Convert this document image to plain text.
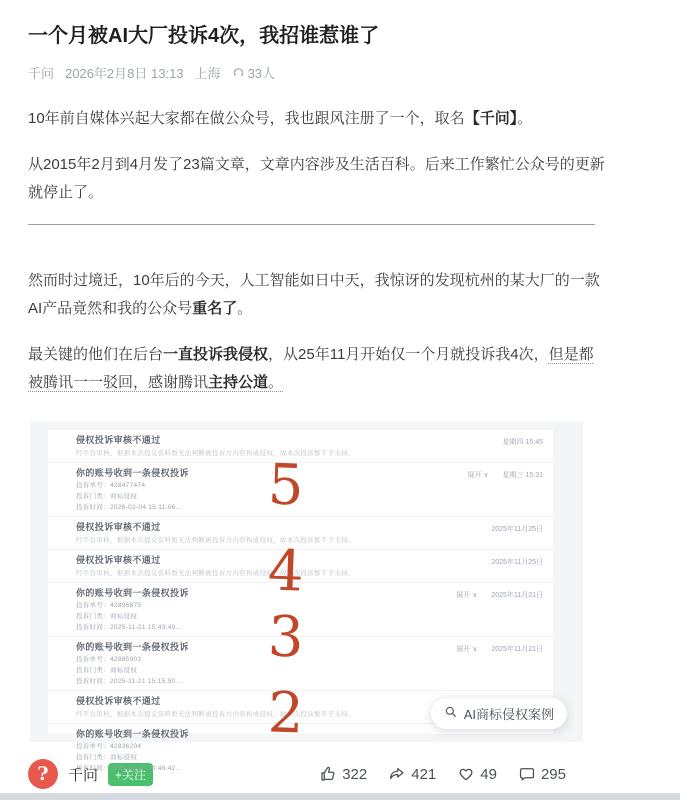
一个月被AI大厂投诉4次，我招谁惹谁了
千问 2026年2月8日 13:13 上海 33人

10年前自媒体兴起大家都在做公众号，我也跟风注册了一个，取名【千问】。

从2015年2月到4月发了23篇文章，文章内容涉及生活百科。后来工作繁忙公众号的更新就停止了。

然而时过境迁，10年后的今天，人工智能如日中天，我惊讶的发现杭州的某大厂的一款AI产品竟然和我的公众号重名了。

最关键的他们在后台一直投诉我侵权，从25年11月开始仅一个月就投诉我4次，但是都被腾讯一一驳回，感谢腾讯主持公道。

侵权投诉审核不通过
经平台审核，根据本次提交资料暂无法判断被投诉方内容构成侵权，故本次投诉暂不予支持。
星期四 15:45
你的账号收到一条侵权投诉
投诉单号：428477474
投诉门类：商标侵权
投诉时间：2026-02-04 15:11:06…
展开 ∨ 星期三 15:31
侵权投诉审核不通过
经平台审核，根据本次提交资料暂无法判断被投诉方内容构成侵权，故本次投诉暂不予支持。
2025年11月25日
侵权投诉审核不通过
经平台审核，根据本次提交资料暂无法判断被投诉方内容构成侵权，故本次投诉暂不予支持。
2025年11月25日
你的账号收到一条侵权投诉
投诉单号：42896875
投诉门类：商标侵权
投诉时间：2025-11-21 15:43:49…
展开 ∨ 2025年11月21日
你的账号收到一条侵权投诉
投诉单号：42885903
投诉门类：商标侵权
投诉时间：2025-11-21 15:15:50…
展开 ∨ 2025年11月21日
侵权投诉审核不通过
经平台审核，根据本次提交资料暂无法判断被投诉方内容构成侵权，故本次投诉暂不予支持。
你的账号收到一条侵权投诉
投诉单号：42836204
投诉门类：商标侵权
投诉时间：2025-11-18 20:46:42…
5
4
3
2	AI商标侵权案例
? 千问	+关注	322	421	49	295
